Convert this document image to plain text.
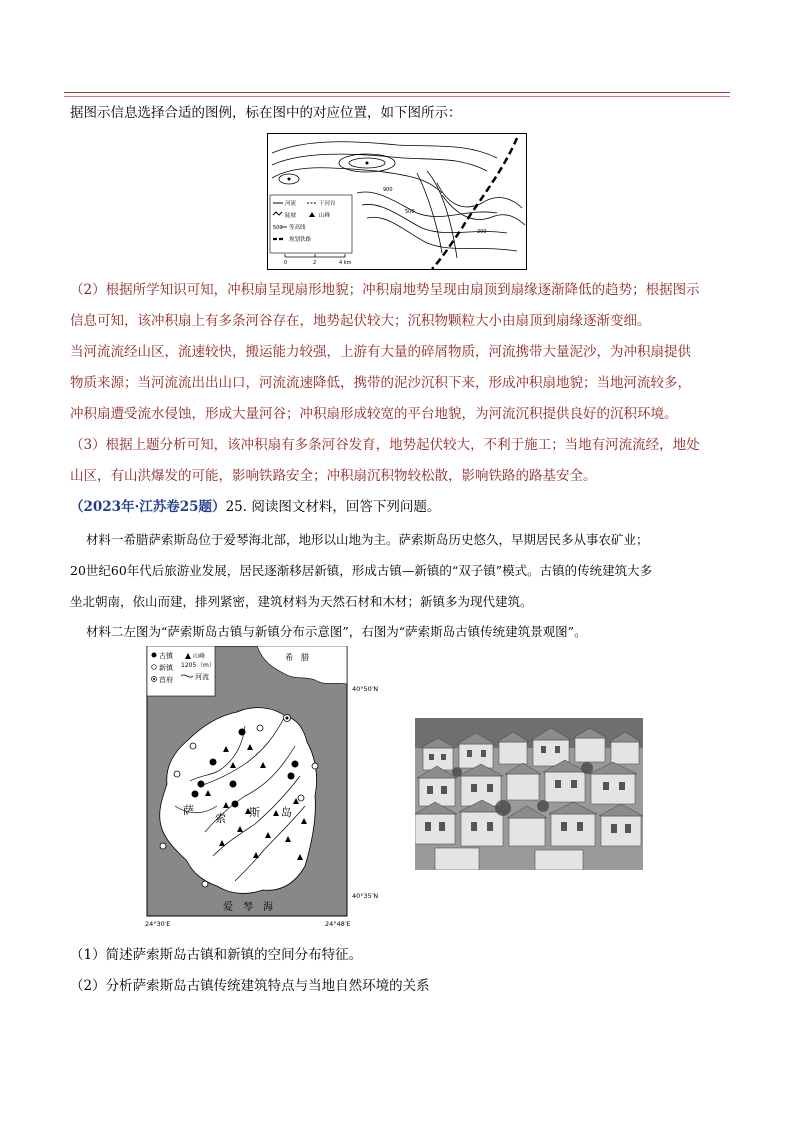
据图示信息选择合适的图例，标在图中的对应位置，如下图所示：
900
500
200
河流	干河谷
陡坡	山峰
500 等高线
规划铁路
0	2	4 km
（2）根据所学知识可知，冲积扇呈现扇形地貌；冲积扇地势呈现由扇顶到扇缘逐渐降低的趋势；根据图示
信息可知，该冲积扇上有多条河谷存在，地势起伏较大；沉积物颗粒大小由扇顶到扇缘逐渐变细。
当河流流经山区，流速较快，搬运能力较强，上游有大量的碎屑物质，河流携带大量泥沙，为冲积扇提供
物质来源；当河流流出出山口，河流流速降低，携带的泥沙沉积下来，形成冲积扇地貌；当地河流较多，
冲积扇遭受流水侵蚀，形成大量河谷；冲积扇形成较宽的平台地貌，为河流沉积提供良好的沉积环境。
（3）根据上题分析可知，该冲积扇有多条河谷发育，地势起伏较大，不利于施工；当地有河流流经，地处
山区，有山洪爆发的可能，影响铁路安全；冲积扇沉积物较松散，影响铁路的路基安全。
（2023年·江苏卷25题）25. 阅读图文材料，回答下列问题。
材料一希腊萨索斯岛位于爱琴海北部，地形以山地为主。萨索斯岛历史悠久，早期居民多从事农矿业；
20世纪60年代后旅游业发展，居民逐渐移居新镇，形成古镇—新镇的“双子镇”模式。古镇的传统建筑大多
坐北朝南，依山而建，排列紧密，建筑材料为天然石材和木材；新镇多为现代建筑。
材料二左图为“萨索斯岛古镇与新镇分布示意图”，右图为“萨索斯岛古镇传统建筑景观图”。
希　腊
萨
索 斯 岛
爱　琴　海
古镇
新镇
首府
山峰
1205 （m）
河流
40°50′N
40°35′N
24°30′E	24°48′E
（1）简述萨索斯岛古镇和新镇的空间分布特征。
（2）分析萨索斯岛古镇传统建筑特点与当地自然环境的关系
